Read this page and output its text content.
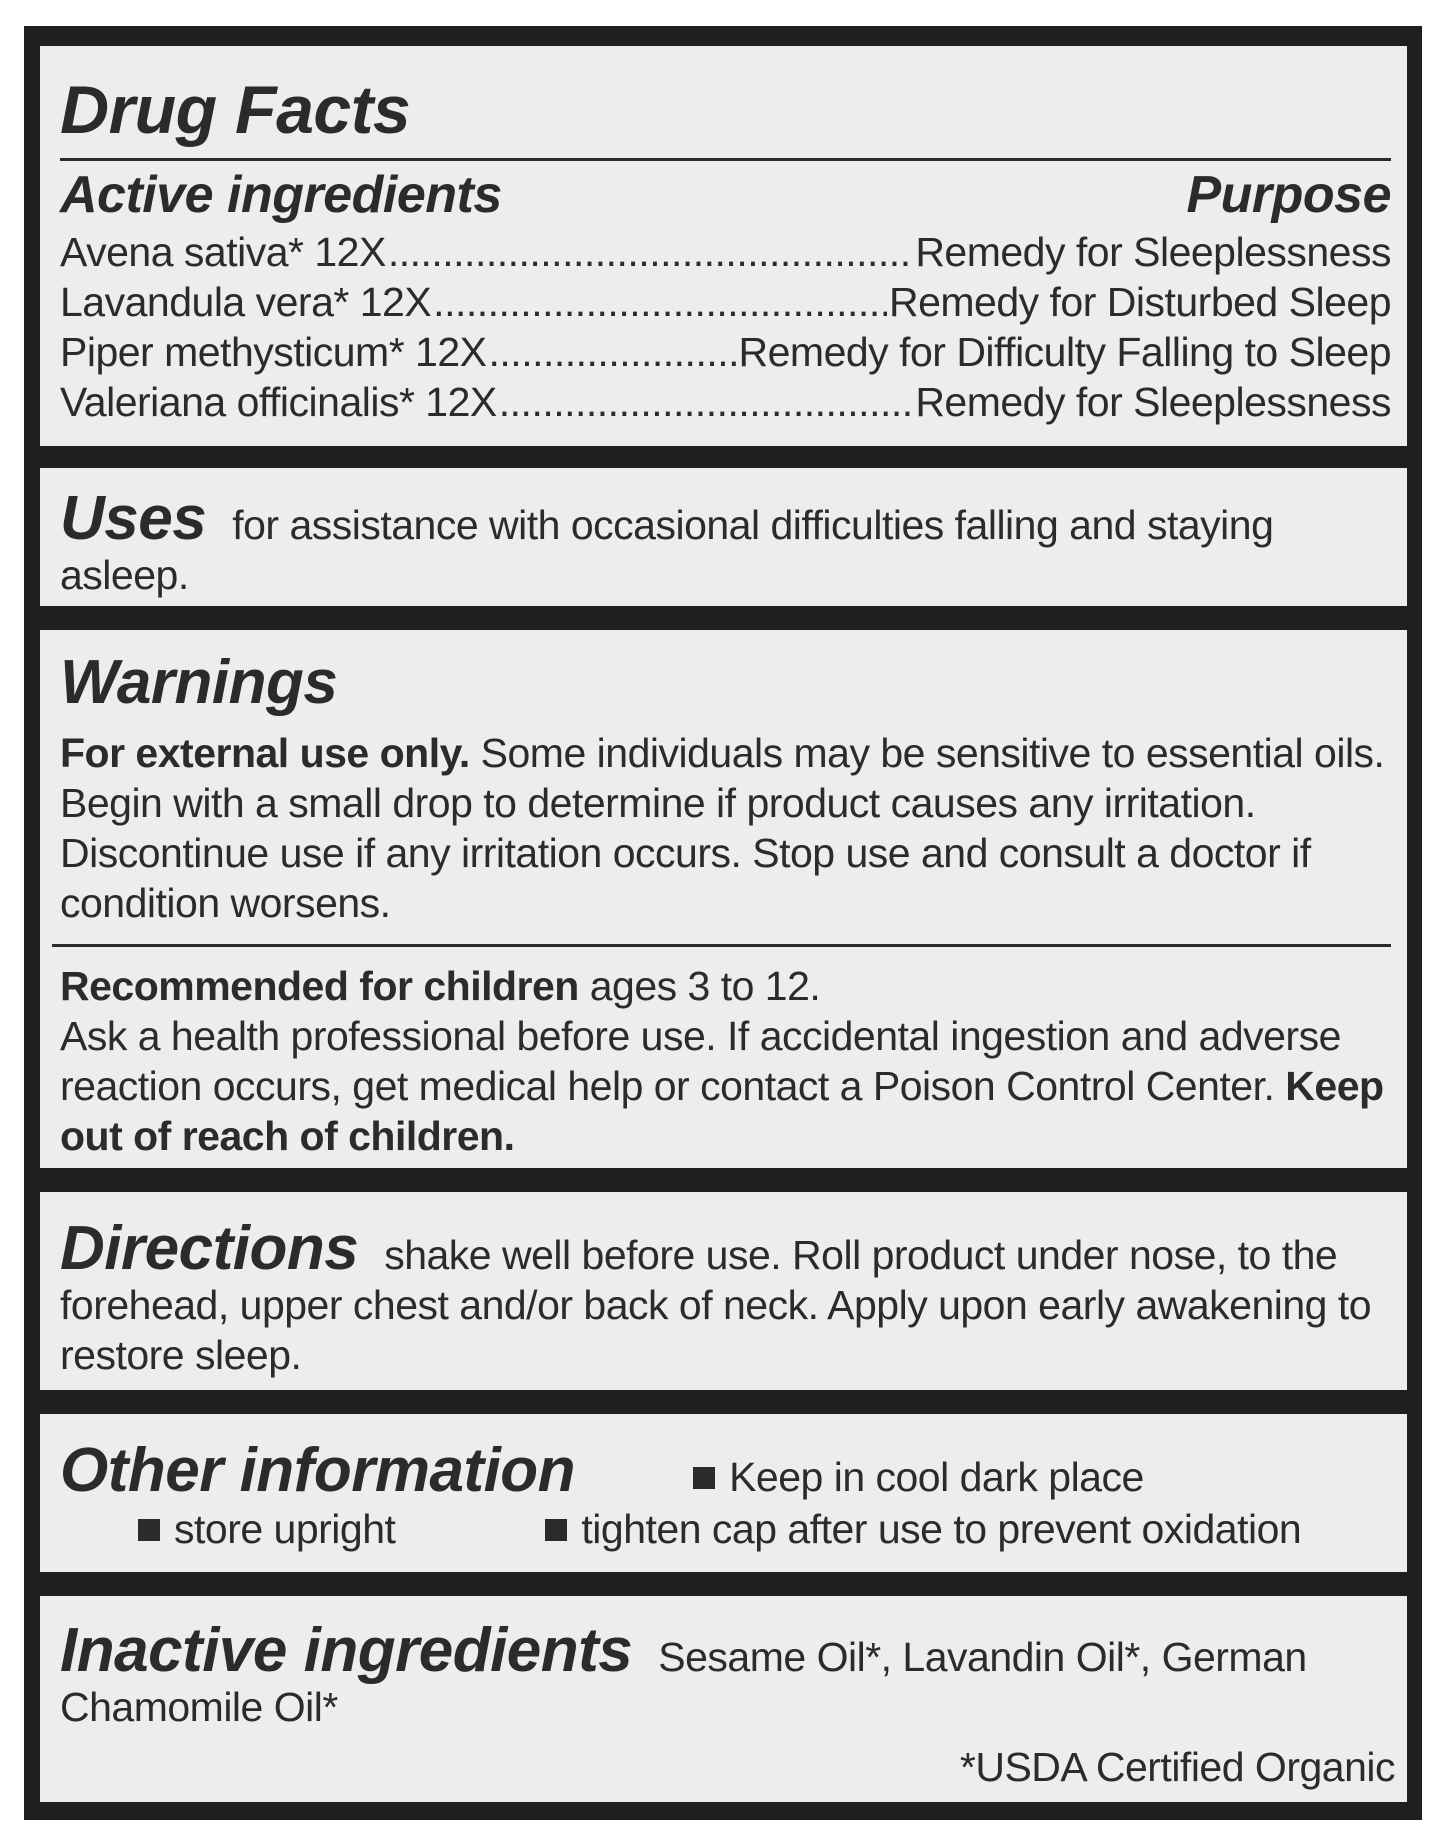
Drug Facts
Active ingredients	Purpose
Avena sativa* 12X .....	Remedy for Sleeplessness
Lavandula vera* 12X .....	Remedy for Disturbed Sleep
Piper methysticum* 12X .....	Remedy for Difficulty Falling to Sleep
Valeriana officinalis* 12X .....	Remedy for Sleeplessness
Uses for assistance with occasional difficulties falling and staying asleep.
Warnings
For external use only. Some individuals may be sensitive to essential oils. Begin with a small drop to determine if product causes any irritation. Discontinue use if any irritation occurs. Stop use and consult a doctor if condition worsens.
Recommended for children ages 3 to 12.
Ask a health professional before use. If accidental ingestion and adverse reaction occurs, get medical help or contact a Poison Control Center. Keep out of reach of children.
Directions shake well before use. Roll product under nose, to the forehead, upper chest and/or back of neck. Apply upon early awakening to restore sleep.
Other information	Keep in cool dark place
store upright	tighten cap after use to prevent oxidation
Inactive ingredients Sesame Oil*, Lavandin Oil*, German Chamomile Oil*
*USDA Certified Organic
